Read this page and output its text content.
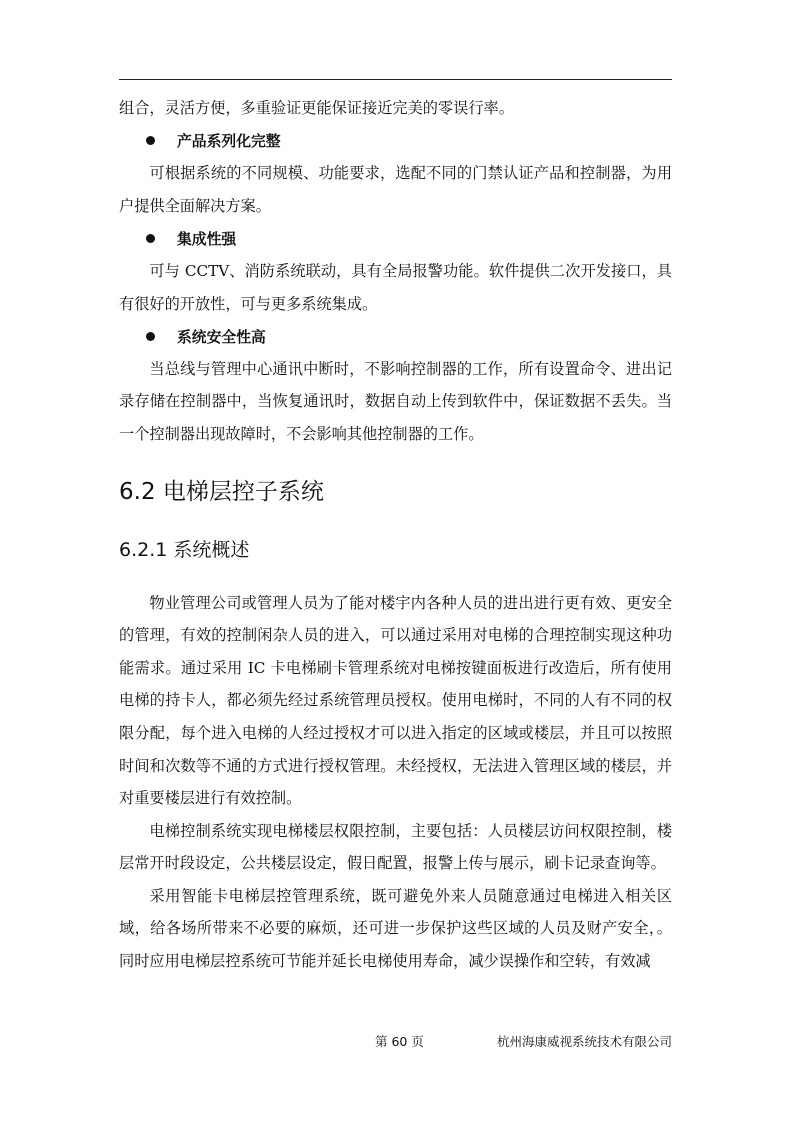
组合，灵活方便，多重验证更能保证接近完美的零误行率。

产品系列化完整

可根据系统的不同规模、功能要求，选配不同的门禁认证产品和控制器，为用户提供全面解决方案。

集成性强

可与 CCTV、消防系统联动，具有全局报警功能。软件提供二次开发接口，具有很好的开放性，可与更多系统集成。

系统安全性高

当总线与管理中心通讯中断时，不影响控制器的工作，所有设置命令、进出记录存储在控制器中，当恢复通讯时，数据自动上传到软件中，保证数据不丢失。当一个控制器出现故障时，不会影响其他控制器的工作。

6.2 电梯层控子系统
6.2.1 系统概述

物业管理公司或管理人员为了能对楼宇内各种人员的进出进行更有效、更安全的管理，有效的控制闲杂人员的进入，可以通过采用对电梯的合理控制实现这种功能需求。通过采用 IC 卡电梯刷卡管理系统对电梯按键面板进行改造后，所有使用电梯的持卡人，都必须先经过系统管理员授权。使用电梯时，不同的人有不同的权限分配，每个进入电梯的人经过授权才可以进入指定的区域或楼层，并且可以按照时间和次数等不通的方式进行授权管理。未经授权，无法进入管理区域的楼层，并对重要楼层进行有效控制。

电梯控制系统实现电梯楼层权限控制，主要包括：人员楼层访问权限控制，楼层常开时段设定，公共楼层设定，假日配置，报警上传与展示，刷卡记录查询等。

采用智能卡电梯层控管理系统，既可避免外来人员随意通过电梯进入相关区域，给各场所带来不必要的麻烦，还可进一步保护这些区域的人员及财产安全，。同时应用电梯层控系统可节能并延长电梯使用寿命，减少误操作和空转，有效减

第 60 页	杭州海康威视系统技术有限公司
